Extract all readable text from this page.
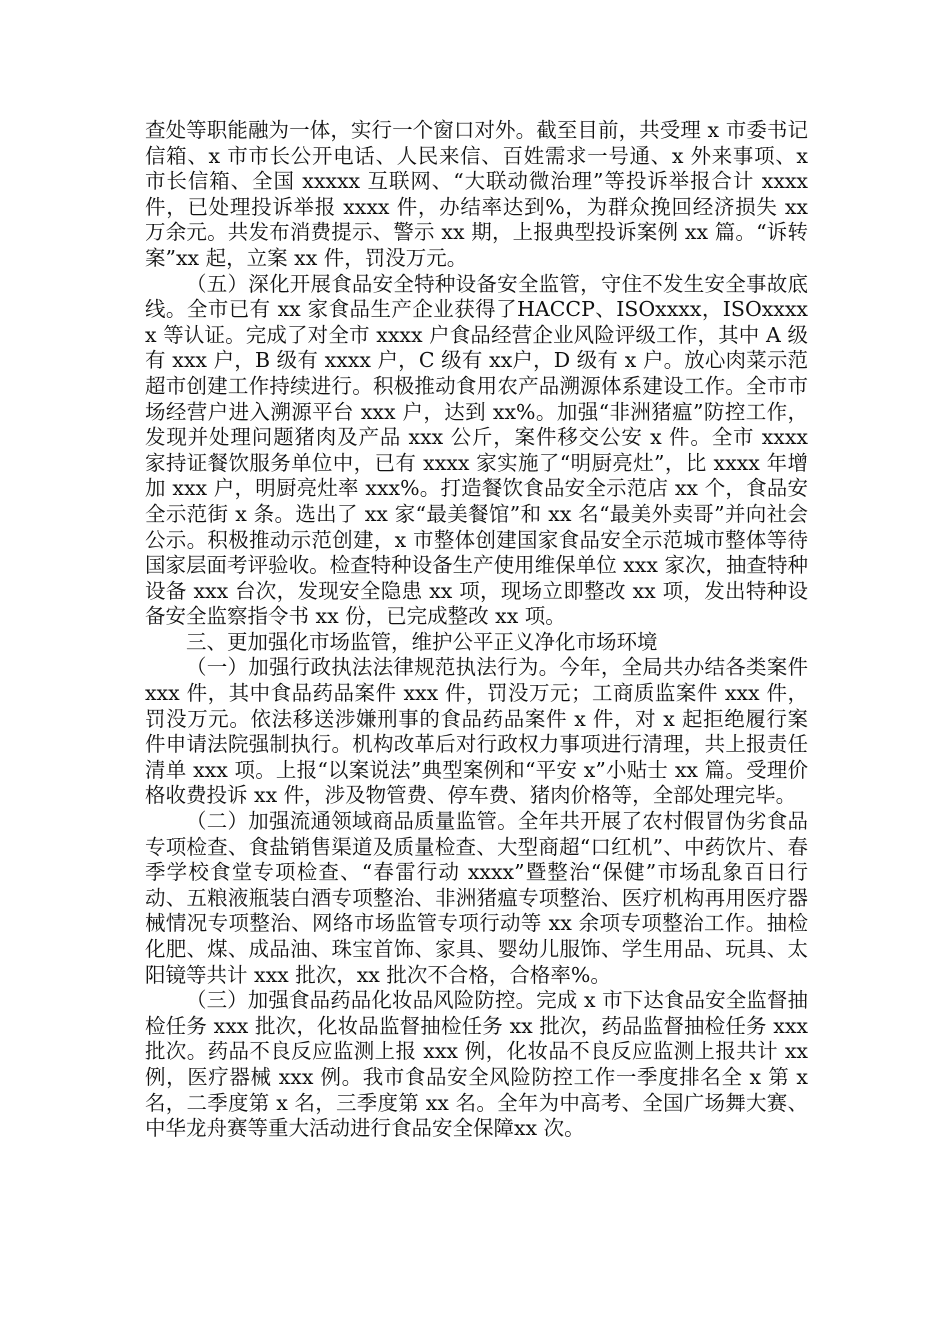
查处等职能融为一体，实行一个窗口对外。截至目前，共受理 x 市委书记信箱、x 市市长公开电话、人民来信、百姓需求一号通、x 外来事项、x 市长信箱、全国 xxxxx 互联网、“大联动微治理”等投诉举报合计 xxxx 件，已处理投诉举报 xxxx 件，办结率达到%，为群众挽回经济损失 xx 万余元。共发布消费提示、警示 xx 期，上报典型投诉案例 xx 篇。“诉转案”xx 起，立案 xx 件，罚没万元。

（五）深化开展食品安全特种设备安全监管，守住不发生安全事故底线。全市已有 xx 家食品生产企业获得了HACCP、ISOxxxx，ISOxxxxx 等认证。完成了对全市 xxxx 户食品经营企业风险评级工作，其中 A 级有 xxx 户，B 级有 xxxx 户，C 级有 xx户，D 级有 x 户。放心肉菜示范超市创建工作持续进行。积极推动食用农产品溯源体系建设工作。全市市场经营户进入溯源平台 xxx 户，达到 xx%。加强“非洲猪瘟”防控工作，发现并处理问题猪肉及产品 xxx 公斤，案件移交公安 x 件。全市 xxxx 家持证餐饮服务单位中，已有 xxxx 家实施了“明厨亮灶”，比 xxxx 年增加 xxx 户，明厨亮灶率 xxx%。打造餐饮食品安全示范店 xx 个，食品安全示范街 x 条。选出了 xx 家“最美餐馆”和 xx 名“最美外卖哥”并向社会公示。积极推动示范创建，x 市整体创建国家食品安全示范城市整体等待国家层面考评验收。检查特种设备生产使用维保单位 xxx 家次，抽查特种设备 xxx 台次，发现安全隐患 xx 项，现场立即整改 xx 项，发出特种设备安全监察指令书 xx 份，已完成整改 xx 项。

三、更加强化市场监管，维护公平正义净化市场环境

（一）加强行政执法法律规范执法行为。今年，全局共办结各类案件 xxx 件，其中食品药品案件 xxx 件，罚没万元；工商质监案件 xxx 件，罚没万元。依法移送涉嫌刑事的食品药品案件 x 件，对 x 起拒绝履行案件申请法院强制执行。机构改革后对行政权力事项进行清理，共上报责任清单 xxx 项。上报“以案说法”典型案例和“平安 x”小贴士 xx 篇。受理价格收费投诉 xx 件，涉及物管费、停车费、猪肉价格等，全部处理完毕。

（二）加强流通领域商品质量监管。全年共开展了农村假冒伪劣食品专项检查、食盐销售渠道及质量检查、大型商超“口红机”、中药饮片、春季学校食堂专项检查、“春雷行动 xxxx”暨整治“保健”市场乱象百日行动、五粮液瓶装白酒专项整治、非洲猪瘟专项整治、医疗机构再用医疗器械情况专项整治、网络市场监管专项行动等 xx 余项专项整治工作。抽检化肥、煤、成品油、珠宝首饰、家具、婴幼儿服饰、学生用品、玩具、太阳镜等共计 xxx 批次，xx 批次不合格，合格率%。

（三）加强食品药品化妆品风险防控。完成 x 市下达食品安全监督抽检任务 xxx 批次，化妆品监督抽检任务 xx 批次，药品监督抽检任务 xxx 批次。药品不良反应监测上报 xxx 例，化妆品不良反应监测上报共计 xx 例，医疗器械 xxx 例。我市食品安全风险防控工作一季度排名全 x 第 x 名，二季度第 x 名，三季度第 xx 名。全年为中高考、全国广场舞大赛、中华龙舟赛等重大活动进行食品安全保障xx 次。
